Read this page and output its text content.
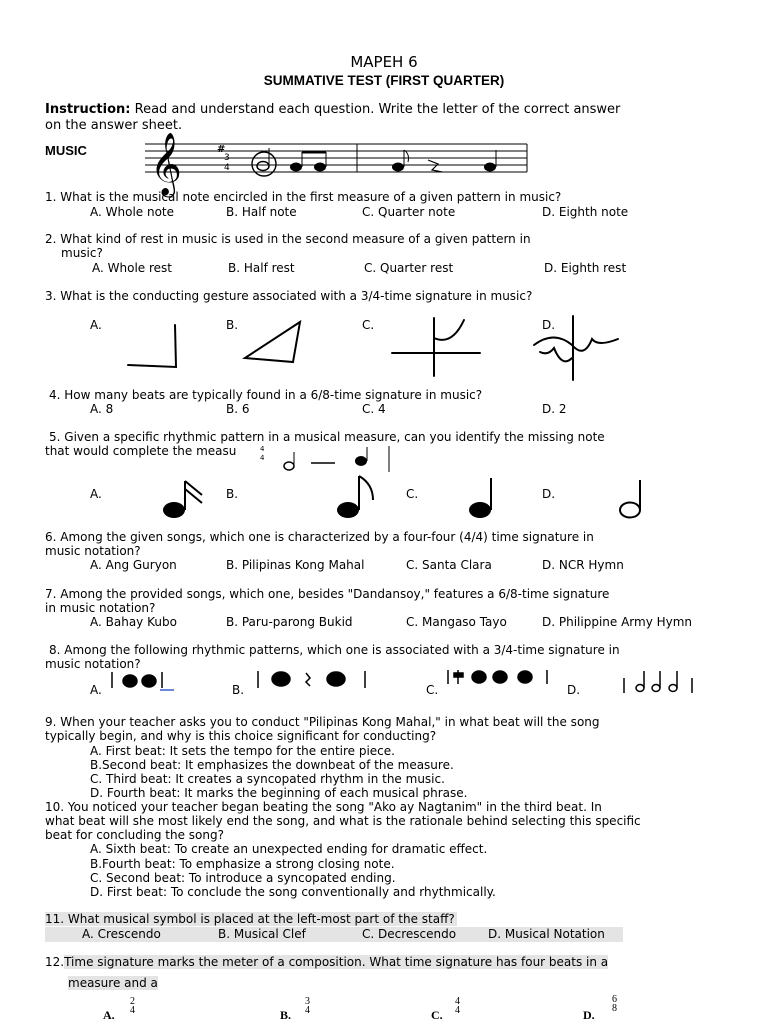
MAPEH 6
SUMMATIVE TEST (FIRST QUARTER)
Instruction: Read and understand each question. Write the letter of the correct answer
on the answer sheet.
MUSIC 𝄞	#
3
4
1. What is the musical note encircled in the first measure of a given pattern in music?
A. Whole note	B. Half note	C. Quarter note	D. Eighth note
2. What kind of rest in music is used in the second measure of a given pattern in
music?
A. Whole rest	B. Half rest	C. Quarter rest	D. Eighth rest
3. What is the conducting gesture associated with a 3/4-time signature in music?
A.	B.	C.	D.
4. How many beats are typically found in a 6/8-time signature in music?
A. 8	B. 6	C. 4	D. 2
5. Given a specific rhythmic pattern in a musical measure, can you identify the missing note
that would complete the measu
A.	B.	C.	D.
4
4
6. Among the given songs, which one is characterized by a four-four (4/4) time signature in
music notation?
A. Ang Guryon	B. Pilipinas Kong Mahal	C. Santa Clara	D. NCR Hymn
7. Among the provided songs, which one, besides "Dandansoy," features a 6/8-time signature
in music notation?
A. Bahay Kubo	B. Paru-parong Bukid	C. Mangaso Tayo	D. Philippine Army Hymn
8. Among the following rhythmic patterns, which one is associated with a 3/4-time signature in
music notation?
A.	B.	C.	D.
9. When your teacher asks you to conduct "Pilipinas Kong Mahal," in what beat will the song
typically begin, and why is this choice significant for conducting?
A. First beat: It sets the tempo for the entire piece.
B.Second beat: It emphasizes the downbeat of the measure.
C. Third beat: It creates a syncopated rhythm in the music.
D. Fourth beat: It marks the beginning of each musical phrase.
10. You noticed your teacher began beating the song "Ako ay Nagtanim" in the third beat. In
what beat will she most likely end the song, and what is the rationale behind selecting this specific
beat for concluding the song?
A. Sixth beat: To create an unexpected ending for dramatic effect.
B.Fourth beat: To emphasize a strong closing note.
C. Second beat: To introduce a syncopated ending.
D. First beat: To conclude the song conventionally and rhythmically.
11. What musical symbol is placed at the left-most part of the staff?
A. Crescendo	B. Musical Clef	C. Decrescendo	D. Musical Notation
12.Time signature marks the meter of a composition. What time signature has four beats in a
measure and a
A.
2
4	B.
3
4	C.
4
4	D.
6
8
